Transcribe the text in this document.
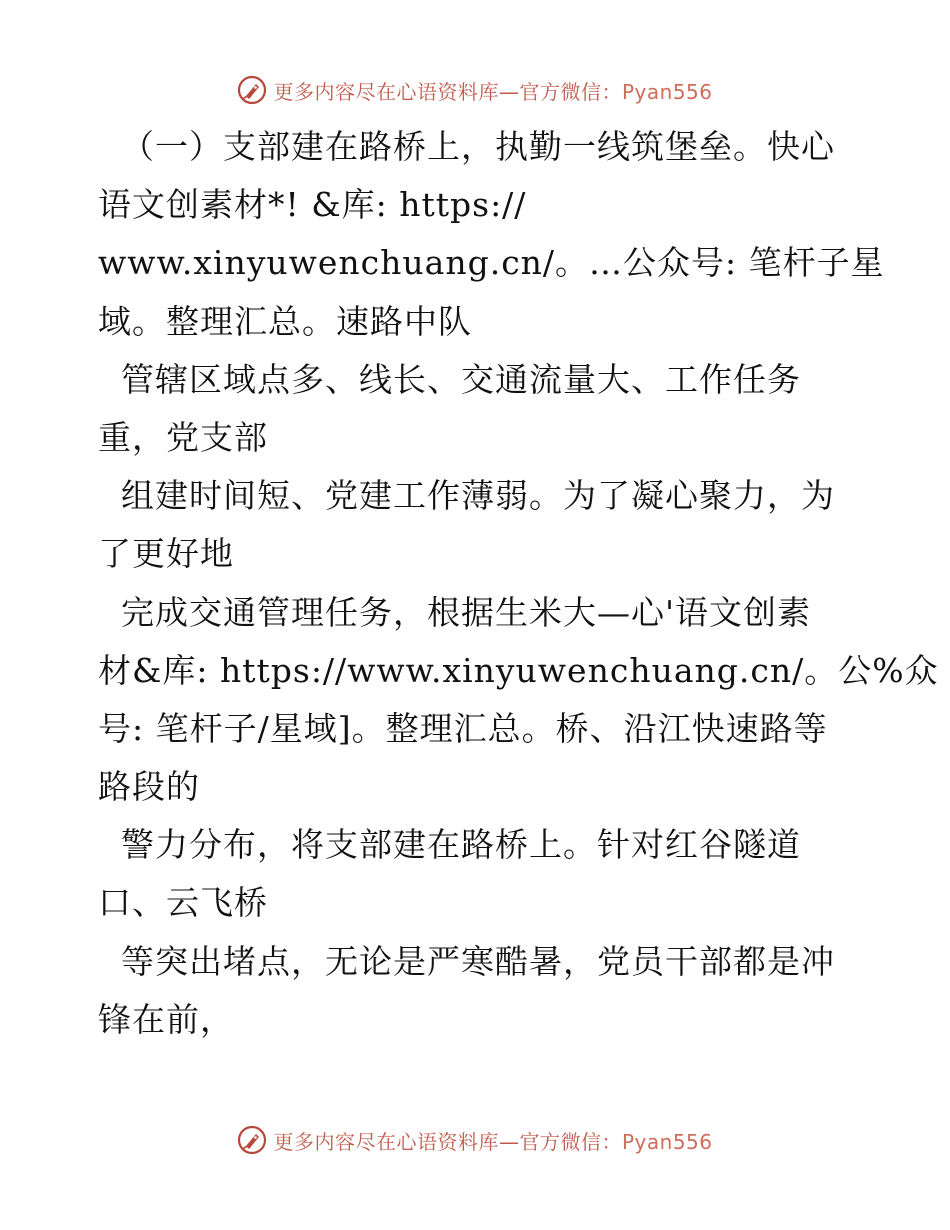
更多内容尽在心语资料库—官方微信：Pyan556
（一）支部建在路桥上，执勤一线筑堡垒。快心
语文创素材*! &库: https://
www.xinyuwenchuang.cn/。…公众号: 笔杆子星
域。整理汇总。速路中队
管辖区域点多、线长、交通流量大、工作任务
重，党支部
组建时间短、党建工作薄弱。为了凝心聚力，为
了更好地
完成交通管理任务，根据生米大—心'语文创素
材&库: https://www.xinyuwenchuang.cn/。公%众
号: 笔杆子/星域]。整理汇总。桥、沿江快速路等
路段的
警力分布，将支部建在路桥上。针对红谷隧道
口、云飞桥
等突出堵点，无论是严寒酷暑，党员干部都是冲
锋在前，
更多内容尽在心语资料库—官方微信：Pyan556
